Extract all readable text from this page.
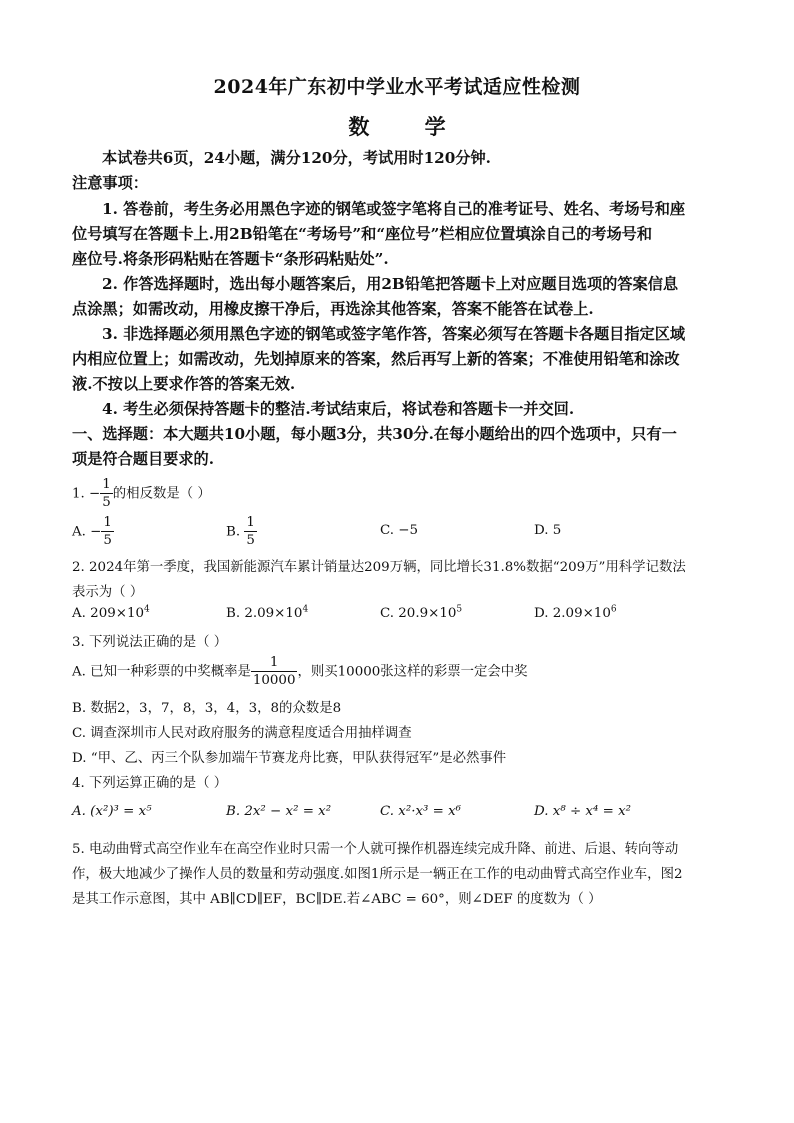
2024年广东初中学业水平考试适应性检测
数 学
本试卷共6页，24小题，满分120分，考试用时120分钟.
注意事项：
1. 答卷前，考生务必用黑色字迹的钢笔或签字笔将自己的准考证号、姓名、考场号和座
位号填写在答题卡上.用2B铅笔在“考场号”和“座位号”栏相应位置填涂自己的考场号和
座位号.将条形码粘贴在答题卡“条形码粘贴处”.
2. 作答选择题时，选出每小题答案后，用2B铅笔把答题卡上对应题目选项的答案信息
点涂黑；如需改动，用橡皮擦干净后，再选涂其他答案，答案不能答在试卷上.
3. 非选择题必须用黑色字迹的钢笔或签字笔作答，答案必须写在答题卡各题目指定区域
内相应位置上；如需改动，先划掉原来的答案，然后再写上新的答案；不准使用铅笔和涂改
液.不按以上要求作答的答案无效.
4. 考生必须保持答题卡的整洁.考试结束后，将试卷和答题卡一并交回.
一、选择题：本大题共10小题，每小题3分，共30分.在每小题给出的四个选项中，只有一
项是符合题目要求的.
1. − $\frac{1}{5}$ 的相反数是（ ）
A. − $\frac{1}{5}$	B. $\frac{1}{5}$	C. −5	D. 5
2. 2024年第一季度，我国新能源汽车累计销量达209万辆，同比增长31.8%数据“209万”用科学记数法
表示为（ ）
A. $209\times 10^4$	B. $2.09\times 10^4$	C. $20.9\times 10^5$	D. $2.09\times 10^6$
3. 下列说法正确的是（ ）
A. 已知一种彩票的中奖概率是 $\frac{1}{10000}$ ，则买10000张这样的彩票一定会中奖
B. 数据2，3，7，8，3，4，3，8的众数是8
C. 调查深圳市人民对政府服务的满意程度适合用抽样调查
D. “甲、乙、丙三个队参加端午节赛龙舟比赛，甲队获得冠军”是必然事件
4. 下列运算正确的是（ ）
A. (x²)³ = x⁵	B. 2x² − x² = x²	C. x²·x³ = x⁶	D. x⁸ ÷ x⁴ = x²
5. 电动曲臂式高空作业车在高空作业时只需一个人就可操作机器连续完成升降、前进、后退、转向等动
作，极大地减少了操作人员的数量和劳动强度.如图1所示是一辆正在工作的电动曲臂式高空作业车，图2
是其工作示意图，其中 AB∥CD∥EF，BC∥DE.若∠ABC = 60°，则∠DEF 的度数为（ ）
